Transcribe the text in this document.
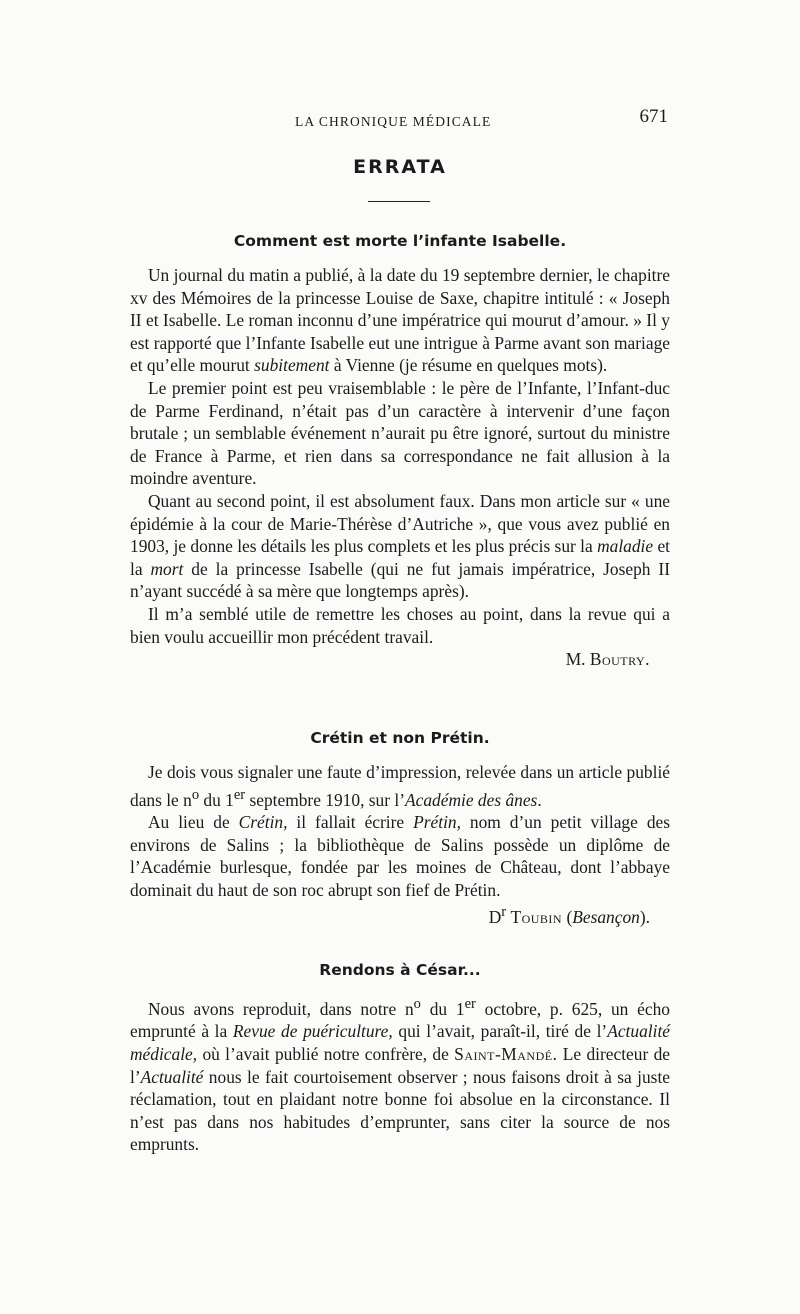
LA CHRONIQUE MÉDICALE	671
ERRATA
Comment est morte l’infante Isabelle.

Un journal du matin a publié, à la date du 19 septembre dernier, le chapitre xv des Mémoires de la princesse Louise de Saxe, chapitre intitulé : « Joseph II et Isabelle. Le roman inconnu d’une impératrice qui mourut d’amour. » Il y est rapporté que l’Infante Isabelle eut une intrigue à Parme avant son mariage et qu’elle mourut subitement à Vienne (je résume en quelques mots).

Le premier point est peu vraisemblable : le père de l’Infante, l’Infant-duc de Parme Ferdinand, n’était pas d’un caractère à intervenir d’une façon brutale ; un semblable événement n’aurait pu être ignoré, surtout du ministre de France à Parme, et rien dans sa correspondance ne fait allusion à la moindre aventure.

Quant au second point, il est absolument faux. Dans mon article sur « une épidémie à la cour de Marie-Thérèse d’Autriche », que vous avez publié en 1903, je donne les détails les plus complets et les plus précis sur la maladie et la mort de la princesse Isabelle (qui ne fut jamais impératrice, Joseph II n’ayant succédé à sa mère que longtemps après).

Il m’a semblé utile de remettre les choses au point, dans la revue qui a bien voulu accueillir mon précédent travail.

M. Boutry.

Crétin et non Prétin.

Je dois vous signaler une faute d’impression, relevée dans un article publié dans le $n^o$ du 1er septembre 1910, sur l’Académie des ânes.

Au lieu de Crétin, il fallait écrire Prétin, nom d’un petit village des environs de Salins ; la bibliothèque de Salins possède un diplôme de l’Académie burlesque, fondée par les moines de Château, dont l’abbaye dominait du haut de son roc abrupt son fief de Prétin.

$D^r$ Toubin (Besançon).

Rendons à César...

Nous avons reproduit, dans notre $n^o$ du 1er octobre, p. 625, un écho emprunté à la Revue de puériculture, qui l’avait, paraît-il, tiré de l’Actualité médicale, où l’avait publié notre confrère, de Saint-Mandé. Le directeur de l’Actualité nous le fait courtoisement observer ; nous faisons droit à sa juste réclamation, tout en plaidant notre bonne foi absolue en la circonstance. Il n’est pas dans nos habitudes d’emprunter, sans citer la source de nos emprunts.
